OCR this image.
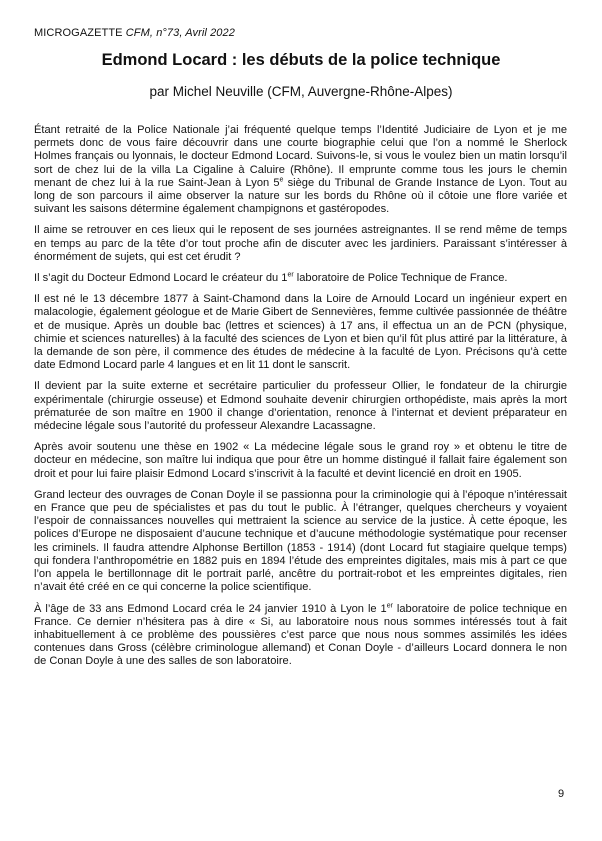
MICROGAZETTE CFM, n°73, Avril 2022
Edmond Locard : les débuts de la police technique
par Michel Neuville (CFM, Auvergne-Rhône-Alpes)

Étant retraité de la Police Nationale j’ai fréquenté quelque temps l’Identité Judiciaire de Lyon et je me permets donc de vous faire découvrir dans une courte biographie celui que l’on a nommé le Sherlock Holmes français ou lyonnais, le docteur Edmond Locard. Suivons-le, si vous le voulez bien un matin lorsqu’il sort de chez lui de la villa La Cigaline à Caluire (Rhône). Il emprunte comme tous les jours le chemin menant de chez lui à la rue Saint-Jean à Lyon 5e siège du Tribunal de Grande Instance de Lyon. Tout au long de son parcours il aime observer la nature sur les bords du Rhône où il côtoie une flore variée et suivant les saisons détermine également champignons et gastéropodes.

Il aime se retrouver en ces lieux qui le reposent de ses journées astreignantes. Il se rend même de temps en temps au parc de la tête d’or tout proche afin de discuter avec les jardiniers. Paraissant s’intéresser à énormément de sujets, qui est cet érudit ?

Il s’agit du Docteur Edmond Locard le créateur du 1er laboratoire de Police Technique de France.

Il est né le 13 décembre 1877 à Saint-Chamond dans la Loire de Arnould Locard un ingénieur expert en malacologie, également géologue et de Marie Gibert de Sennevières, femme cultivée passionnée de théâtre et de musique. Après un double bac (lettres et sciences) à 17 ans, il effectua un an de PCN (physique, chimie et sciences naturelles) à la faculté des sciences de Lyon et bien qu’il fût plus attiré par la littérature, à la demande de son père, il commence des études de médecine à la faculté de Lyon. Précisons qu’à cette date Edmond Locard parle 4 langues et en lit 11 dont le sanscrit.

Il devient par la suite externe et secrétaire particulier du professeur Ollier, le fondateur de la chirurgie expérimentale (chirurgie osseuse) et Edmond souhaite devenir chirurgien orthopédiste, mais après la mort prématurée de son maître en 1900 il change d’orientation, renonce à l’internat et devient préparateur en médecine légale sous l’autorité du professeur Alexandre Lacassagne.

Après avoir soutenu une thèse en 1902 « La médecine légale sous le grand roy » et obtenu le titre de docteur en médecine, son maître lui indiqua que pour être un homme distingué il fallait faire également son droit et pour lui faire plaisir Edmond Locard s’inscrivit à la faculté et devint licencié en droit en 1905.

Grand lecteur des ouvrages de Conan Doyle il se passionna pour la criminologie qui à l’époque n’intéressait en France que peu de spécialistes et pas du tout le public. À l’étranger, quelques chercheurs y voyaient l’espoir de connaissances nouvelles qui mettraient la science au service de la justice. À cette époque, les polices d’Europe ne disposaient d’aucune technique et d’aucune méthodologie systématique pour recenser les criminels. Il faudra attendre Alphonse Bertillon (1853 - 1914) (dont Locard fut stagiaire quelque temps) qui fondera l’anthropométrie en 1882 puis en 1894 l’étude des empreintes digitales, mais mis à part ce que l’on appela le bertillonnage dit le portrait parlé, ancêtre du portrait-robot et les empreintes digitales, rien n’avait été créé en ce qui concerne la police scientifique.

À l’âge de 33 ans Edmond Locard créa le 24 janvier 1910 à Lyon le 1er laboratoire de police technique en France. Ce dernier n’hésitera pas à dire « Si, au laboratoire nous nous sommes intéressés tout à fait inhabituellement à ce problème des poussières c’est parce que nous nous sommes assimilés les idées contenues dans Gross (célèbre criminologue allemand) et Conan Doyle - d’ailleurs Locard donnera le non de Conan Doyle à une des salles de son laboratoire.

9
